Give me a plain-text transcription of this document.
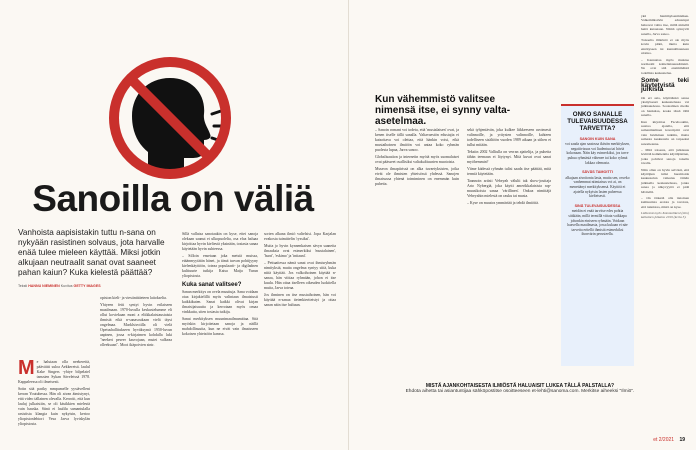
Sanoilla on väliä
Vanhoista aapisistakin tuttu n-sana on nykyään rasistinen solvaus, jota harvalle enää tulee mieleen käyttää. Miksi jotkin alkujaan neutraalit sanat ovat saaneet pahan kaiun? Kuka kielestä päättää?
Teksti HANNU NIEMINEN Kuvitus GETTY IMAGES
M e halutaan olla neekereitä, pääväitti suloa Aekkeretsä. laulul Kake Singers -yhtye bilpelaiel tanssien Sykan Säveleissä 1978. Kappaleessa oli ilmeisesti.

Sotin sitä pariky mmpumelle yystävelleni kerran Youtubessa. Hän oli aivan äimistynyt, että video tällainen olevalla. Kerrotit, että kun lauluj julkaistiin, se oli käsikkien mielestä vain hauska. Siinä ei laulilu samantulalla rasistista klangia kuin nykyisin, kertoo yliopistonlehtori Vesa Jarva lyviskylän yliopistosta.

opiston kieli- ja viestintätieteen laitokselta.

Yhtyeen feiti syntyi hyvin erilaiseen maailmaan. 1970-luvulla keskustelumme eli ollut koviekaan moni a eliikkalaistaustaisia ihmisiä eikä n-sanasoukaan vielä täysi ongelmaa. Marklsivoiilla oli vielä Opetushallitukseen hyväksymä 1950-luvun aapinen, jossa n-kirjaimen kohdalla luki "neekeri peseer kasvojaan, mutei valkeaa olleeksaan". Mooi ikäpoivien sintr.

Sillä vallatsa sanotaakin on kyse, ettei sanoja olekaan saanut ei ulkopuolelta, osa eloa haluaa kirjoittaa hyvin kieliestä yksinään, tosiasia sanaa käytetään hyvin suhteessa.

– Silloin ensetaan joka metsiä muissa, etäänmyytätän hänet, ja tämä turvan pohtijyyny kielenkäyttöön, toteaa populaarit- ja digiladnen kulttuurie tutkija Kaisa Maija Yurun yliopistosta.

Kuka sanat valitsee?

Sanan merkitys on ovela muuttuja. Sana voidaan otaa kirjakielillä myös valintaan ilmaistusti kaikkikuten. Sanat kaikki olivat kirjan ilmaisijaisuutta ja kerrotaan myös omaa vinkkutta, siten tosiasia tutkija.

Sanat merkityksen muunimaailmamittaa. Sitä myöskin kirjoitetaan sanoja ja näillä mahdollisuutta, kun ne eivät vain ilmaisseen kokoisen yhteisöön kanssa.

sorten alkana ilmiö valtelsisi. Jopa Karjalan evakosta tuimittelin 'ryssiksi'.

Muita jo hyvin kynnenkaisen sävyn saaneita ilmauksia ovat esimerkiksi 'mustalainen', 'hurri', 'eskimo' ja 'intiaani'.

– Pettuaitessa nämä sanat ovat ihmisryhmän nimityksiä, mutta ongelma syntyy siitä, kuka niitä käyttää. Jos valkoihoinen käyttää n-sanaa, hän viittaa ryhmään, johon ei itse kuulu. Hän ottaa itselleen oikeuden luokitella muita, Jarva toteaa.

Jos ihminen on itse mustaihoinen, hän voi käyttää n-sanaa tietenkiertteistyi ja ottaa sanan näin itse haltuun.

Kun vähemmistö valitsee nimensä itse, ei synny valta-asetelmaa.

– Sanoin romant voi todeta, että 'mustalaisen' ovat, ja kenen itselle tällä sanalla. Valtavaestön edustajia ei katsottava voi olettaa, että hänkin voisi, eikä mustaihoinen ilmiöön voi antaa koko ryhmän puolesta lupaa, Jarva sanoo.

Globalisaation ja internetin myötä myös suomalaiset ovat päässeet osallisiksi valtakulttuurien muotoista.

Museon ilmapiirissä on alka tuvaetyksisten, jotka eivät ole ihmisten yhteisössä yhdessä. Sanojen ilmaisussa yhtenä toimiminen on enemmän kuin puhetta.

sekä tyhjentävän, joka kulkee liikkeeseen avoimesti valinnoille, ja yritysten valinnoille, kahteen todelliseen sisältöön vuoden 1989 aikaan ja siihen ei tullut mitään.

Tekstin 2002 Valliulla on verran ajattelija, ja puhetta tähän teemaan ei löytynyt. Mitä kuvat ovat sanat myöhemmin?

Viime kädessä ryhmän tulisi saada itse päättää, mitä termiä käytetään.

Taannoin artisti Vebeyah välulti tak show-jouttaja Arto Nybergiä, joka käytti amerikkalaisista rap-muusikoista sanaa 'värillinen'. Onkoa nimittäjä Vebeyahin mielestä on rauku tai musta.

– Kyse on muutos ymmärtää ja tehdä ilmiöitä.

ONKO SANALLE TULEVAISUUDESSA TARVETTA?
SANOIN KUIN SANA
voi saada ajan saatossa ikävän merkityksen, negatiivisuus voi liudentua tai häviä kokonaan. Näin käy esimerkiksi, jos tarve puhua ryhmästä vähenee tai koko ryhmä lakkaa olemasta.
SÄVÄS TAMOITTI
alkujaan aivoitonta lasta, mutta sen, osveko vanhemmat niimiaisus voi ai, on menettänyt merkityksensä. Käyttöä ei ajatella nykyisin lasten puheessa kielteisesti.
SINÄ TULEVAISUUDESSA
meidän ei enää tarvitse edes pohtia sitäkään, millä termillä viitata vaikkapa johonkin etniseen ryhmään. Voidaan haavella maailmasta, jossa kukaan ei näe tarvetta eritellä ihmisiä esimerkiksi ihonvärin perusteella.

ykä hiemmyisenmnäkeu. Valkemmistöön eduustajat haluavat valita itse, millä nimellä heitä kutsutaan. Nämä synnyvät sanalla, Jarva sanoo.

Toisaalta ilmiöntö ei ole myös kovin pitkä, mutta kuin ennätyseen tai kunnallisuuteen ulottua.

– Kannattaa myös muistaa normaalit kohteliaisuussäännöt. Ne ovat sitä ensimmäistä todellista keskustelua.

Some teki käytetyistä julkista

On eri asia, käyttäänkö sanaa yksityisessä keskustelussa vai julkisuudessa. Sosiaalinen media on hankalaa, koska tässä tällä sanalla.

Kun kirjoittaa Facebookiin, saattaa ajatella, että samanmielinen kaveripiiri ovat vain huvikinen tutkittu, mutta samasta keskustelu on tarpeeksi sanomeanne.

– Mitä toisesta, että julkisuus levittää kommenttia käyttäjästäen, jotka pohtivat sanoja toisella tavalla.

Näin ollen on hyvin selvästi, että käyttäjien tulisi huomioida keskustelun vaikutus tämän julkisella keskustelussa, jonka sanaa ja näkyvyyttä ei pidä hävitellä.

– On tärkeää olla tietoinen kulttuurista eroista ja tavoista, että tunnistaa, mistä on kyse.

Lähteenä myös Kommolikenl (niin) kaltainen julkaisu 2019 (kerta 3).
MISTÄ AJANKOHTAISESTA ILMIÖSTÄ HALUAISIT LUKEA TÄLLÄ PALSTALLA?
Ehdota aihetta tai asiantuntijaa sähköpostitse osoitteeseen et-lehti@sanoma.com. Merkitse aiheeksi "Ilmiö".
et 2/2021 19
